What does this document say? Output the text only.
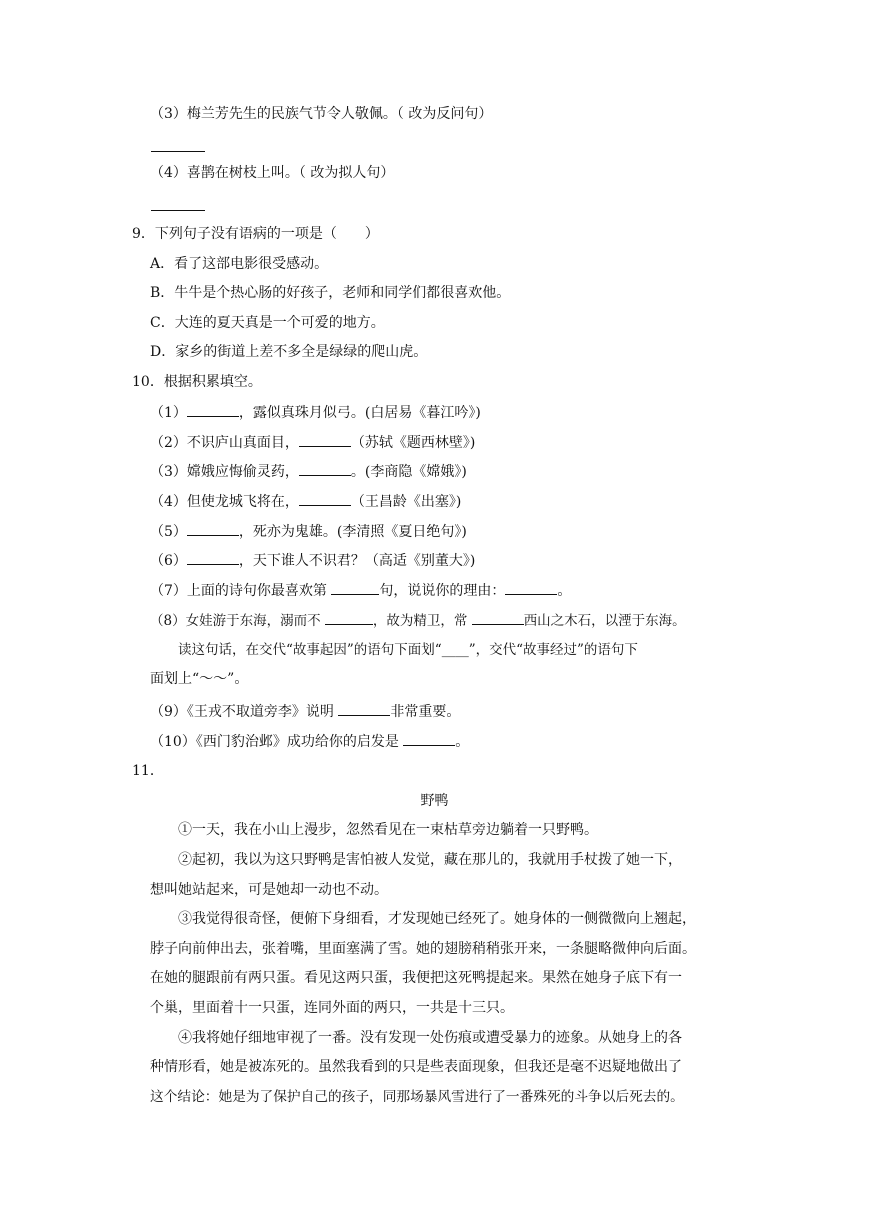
（3）梅兰芳先生的民族气节令人敬佩。（ 改为反问句）
（4）喜鹊在树枝上叫。（ 改为拟人句）
9．下列句子没有语病的一项是（　　）
A．看了这部电影很受感动。
B．牛牛是个热心肠的好孩子，老师和同学们都很喜欢他。
C．大连的夏天真是一个可爱的地方。
D．家乡的街道上差不多全是绿绿的爬山虎。
10．根据积累填空。
（1）	，露似真珠月似弓。(白居易《暮江吟》)
（2）不识庐山真面目，	（苏轼《题西林壁》)
（3）嫦娥应悔偷灵药，	。(李商隐《嫦娥》)
（4）但使龙城飞将在，	（王昌龄《出塞》)
（5）	，死亦为鬼雄。(李清照《夏日绝句》)
（6）	，天下谁人不识君？（高适《别董大》)
（7）上面的诗句你最喜欢第	句，说说你的理由：	。
（8）女娃游于东海，溺而不	，故为精卫，常	西山之木石，以湮于东海。
读这句话，在交代“故事起因”的语句下面划“____”，交代“故事经过”的语句下
面划上“～～”。
（9）《王戎不取道旁李》说明	非常重要。
（10）《西门豹治邺》成功给你的启发是	。
11．
野鸭
①一天，我在小山上漫步，忽然看见在一束枯草旁边躺着一只野鸭。
②起初，我以为这只野鸭是害怕被人发觉，藏在那儿的，我就用手杖拨了她一下，
想叫她站起来，可是她却一动也不动。
③我觉得很奇怪，便俯下身细看，才发现她已经死了。她身体的一侧微微向上翘起，
脖子向前伸出去，张着嘴，里面塞满了雪。她的翅膀稍稍张开来，一条腿略微伸向后面。
在她的腿跟前有两只蛋。看见这两只蛋，我便把这死鸭提起来。果然在她身子底下有一
个巢，里面着十一只蛋，连同外面的两只，一共是十三只。
④我将她仔细地审视了一番。没有发现一处伤痕或遭受暴力的迹象。从她身上的各
种情形看，她是被冻死的。虽然我看到的只是些表面现象，但我还是毫不迟疑地做出了
这个结论：她是为了保护自己的孩子，同那场暴风雪进行了一番殊死的斗争以后死去的。
